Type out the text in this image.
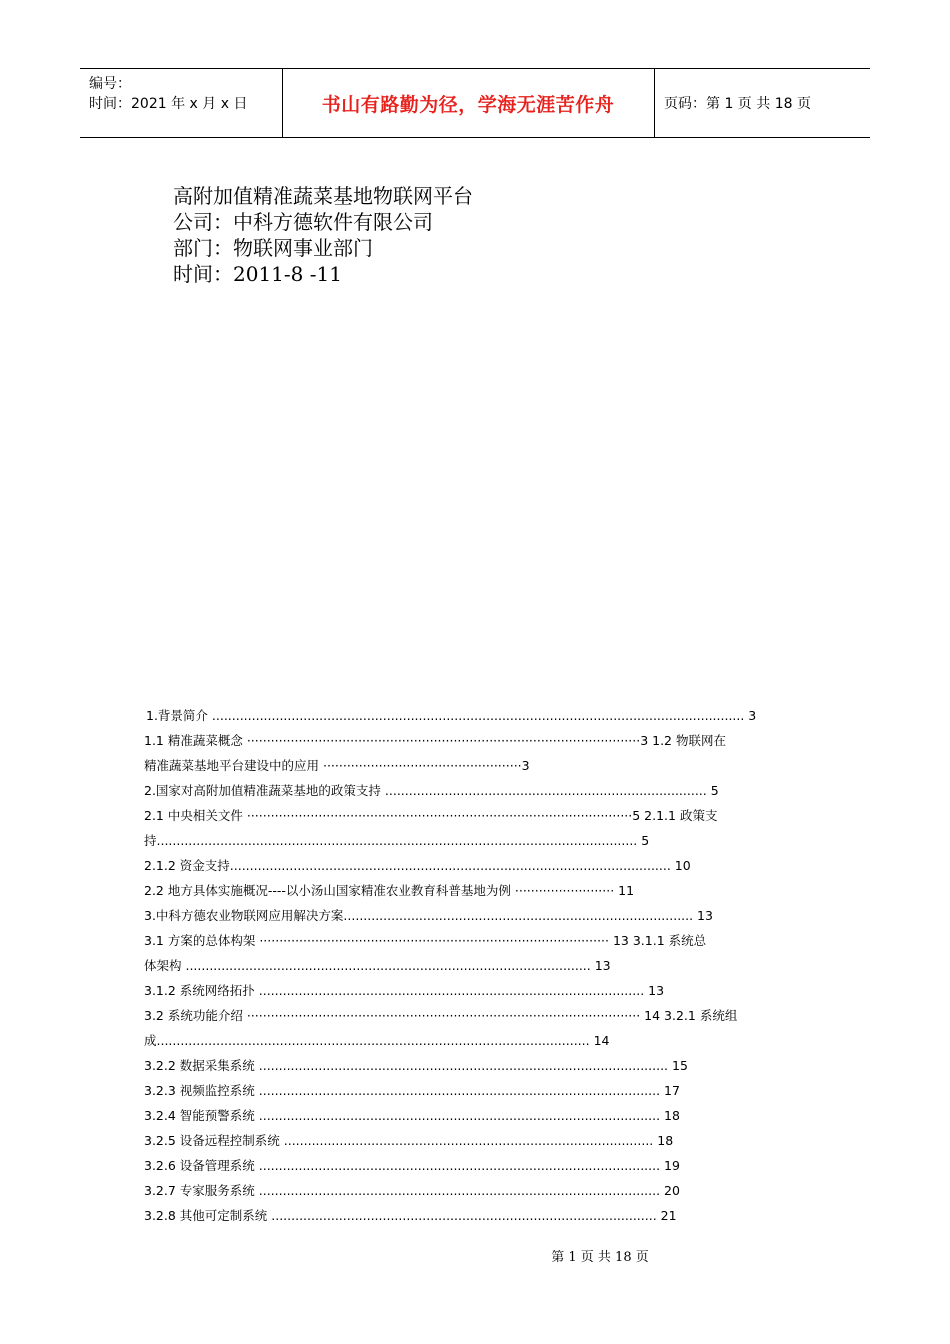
编号：
时间：2021 年 x 月 x 日	书山有路勤为径，学海无涯苦作舟	页码：第 1 页 共 18 页
高附加值精准蔬菜基地物联网平台
公司：中科方德软件有限公司
部门：物联网事业部门
时间：2011-8 -11
1.背景简介 ...................................................................................................................................... 3
1.1 精准蔬菜概念 ···································································································3 1.2 物联网在
精准蔬菜基地平台建设中的应用 ··················································3
2.国家对高附加值精准蔬菜基地的政策支持 ................................................................................. 5
2.1 中央相关文件 ·································································································5 2.1.1 政策支
持......................................................................................................................... 5
2.1.2 资金支持............................................................................................................... 10
2.2 地方具体实施概况----以小汤山国家精准农业教育科普基地为例 ························· 11
3.中科方德农业物联网应用解决方案........................................................................................ 13
3.1 方案的总体构架 ························································································ 13 3.1.1 系统总
体架构 ...................................................................................................... 13
3.1.2 系统网络拓扑 ................................................................................................. 13
3.2 系统功能介绍 ··································································································· 14 3.2.1 系统组
成............................................................................................................. 14
3.2.2 数据采集系统 ....................................................................................................... 15
3.2.3 视频监控系统 ..................................................................................................... 17
3.2.4 智能预警系统 ..................................................................................................... 18
3.2.5 设备远程控制系统 ............................................................................................. 18
3.2.6 设备管理系统 ..................................................................................................... 19
3.2.7 专家服务系统 ..................................................................................................... 20
3.2.8 其他可定制系统 ................................................................................................. 21
第 1 页 共 18 页
